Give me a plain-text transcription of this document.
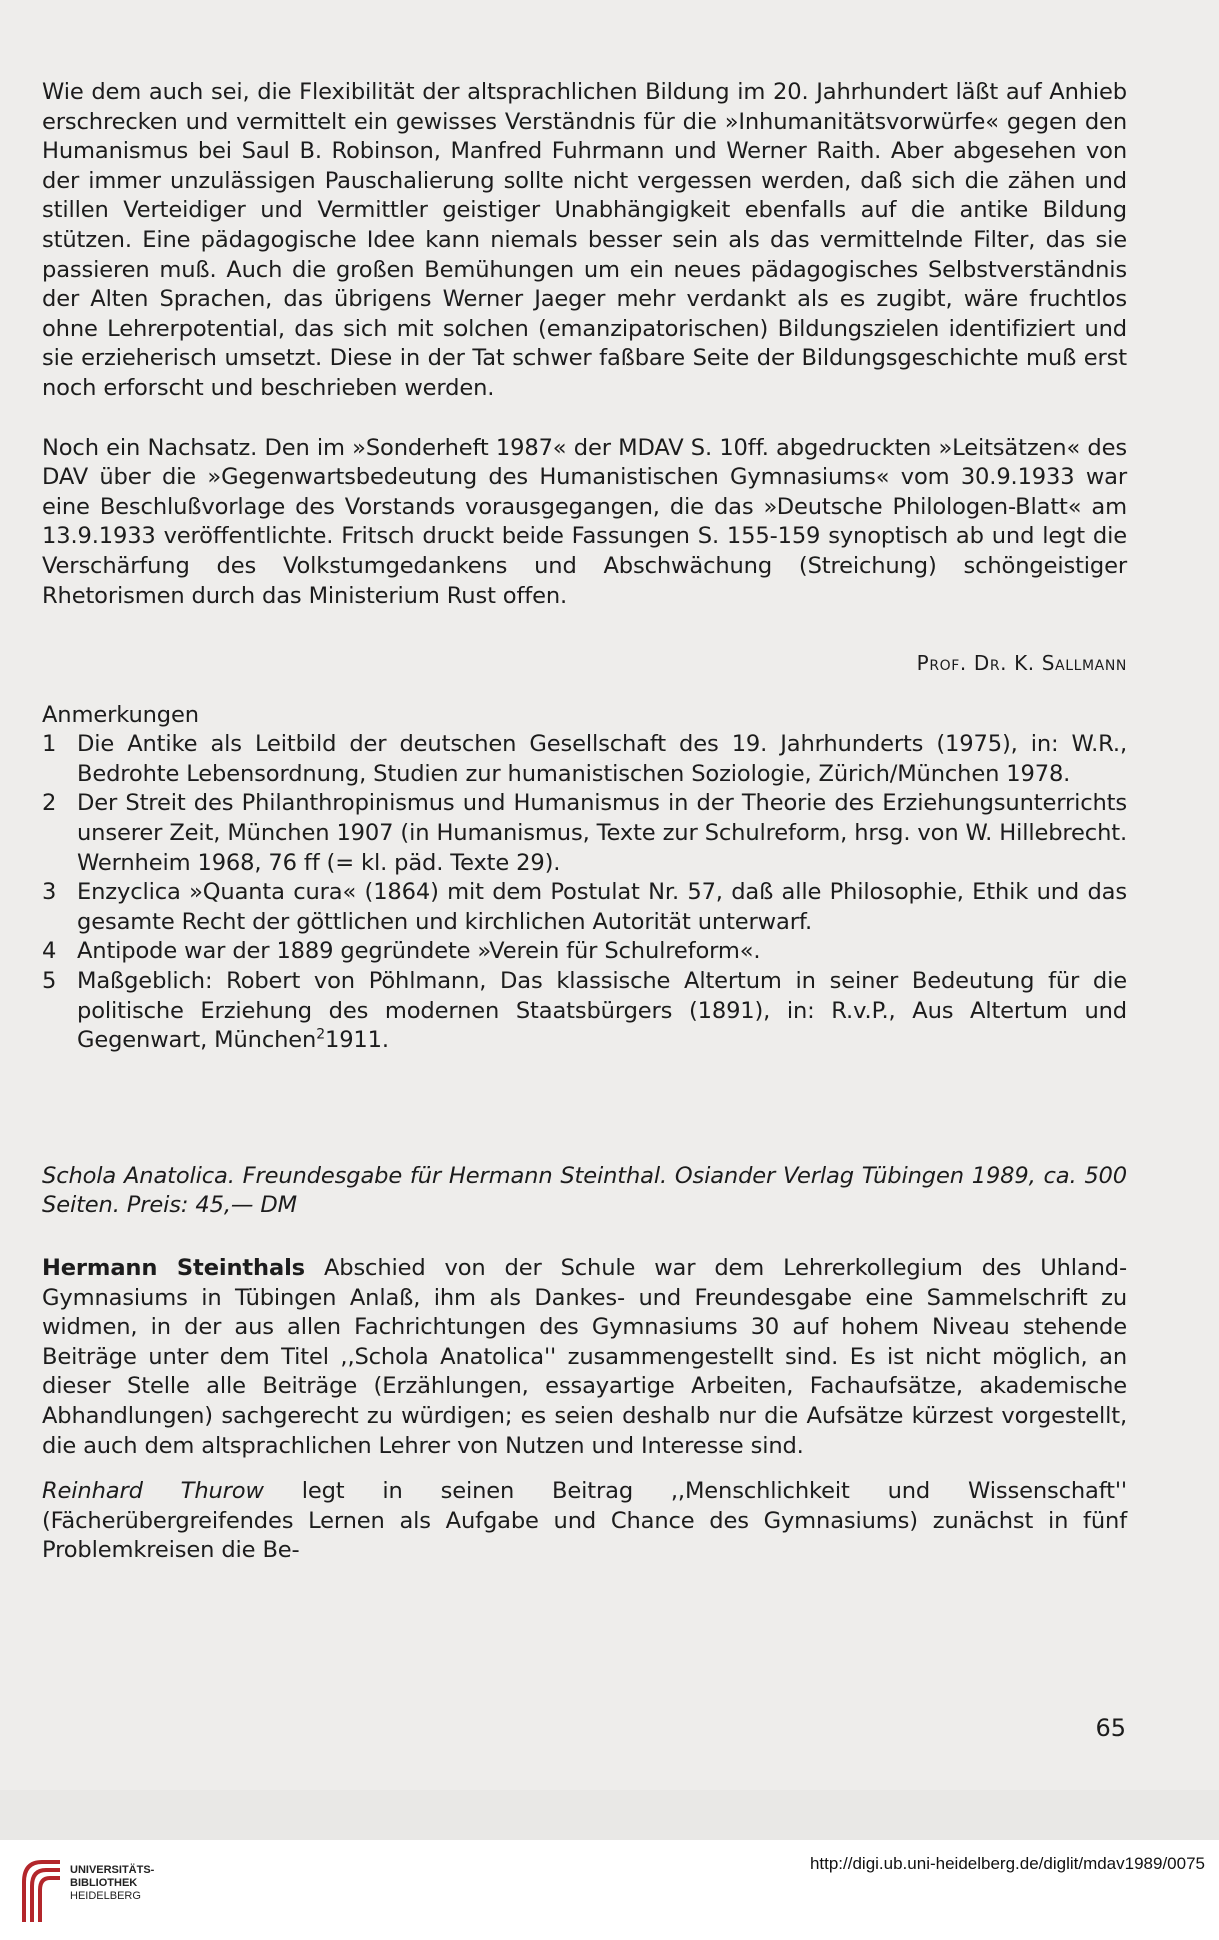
Wie dem auch sei, die Flexibilität der altsprachlichen Bildung im 20. Jahrhundert läßt auf Anhieb erschrecken und vermittelt ein gewisses Verständnis für die »Inhumanitätsvorwürfe« gegen den Humanismus bei Saul B. Robinson, Manfred Fuhrmann und Werner Raith. Aber abgesehen von der immer unzulässigen Pauschalierung sollte nicht vergessen werden, daß sich die zähen und stillen Verteidiger und Vermittler geistiger Unabhängigkeit ebenfalls auf die antike Bildung stützen. Eine pädagogische Idee kann niemals besser sein als das vermittelnde Filter, das sie passieren muß. Auch die großen Bemühungen um ein neues pädagogisches Selbstverständnis der Alten Sprachen, das übrigens Werner Jaeger mehr verdankt als es zugibt, wäre fruchtlos ohne Lehrerpotential, das sich mit solchen (emanzipatorischen) Bildungszielen identifiziert und sie erzieherisch umsetzt. Diese in der Tat schwer faßbare Seite der Bildungsgeschichte muß erst noch erforscht und beschrieben werden.

Noch ein Nachsatz. Den im »Sonderheft 1987« der MDAV S. 10ff. abgedruckten »Leitsätzen« des DAV über die »Gegenwartsbedeutung des Humanistischen Gymnasiums« vom 30.9.1933 war eine Beschlußvorlage des Vorstands vorausgegangen, die das »Deutsche Philologen-Blatt« am 13.9.1933 veröffentlichte. Fritsch druckt beide Fassungen S. 155-159 synoptisch ab und legt die Verschärfung des Volkstumgedankens und Abschwächung (Streichung) schöngeistiger Rhetorismen durch das Ministerium Rust offen.

Prof. Dr. K. Sallmann
Anmerkungen
1 Die Antike als Leitbild der deutschen Gesellschaft des 19. Jahrhunderts (1975), in: W.R., Bedrohte Lebensordnung, Studien zur humanistischen Soziologie, Zürich/München 1978.
2 Der Streit des Philanthropinismus und Humanismus in der Theorie des Erziehungsunterrichts unserer Zeit, München 1907 (in Humanismus, Texte zur Schulreform, hrsg. von W. Hillebrecht. Wernheim 1968, 76 ff (= kl. päd. Texte 29).
3 Enzyclica »Quanta cura« (1864) mit dem Postulat Nr. 57, daß alle Philosophie, Ethik und das gesamte Recht der göttlichen und kirchlichen Autorität unterwarf.
4 Antipode war der 1889 gegründete »Verein für Schulreform«.
5 Maßgeblich: Robert von Pöhlmann, Das klassische Altertum in seiner Bedeutung für die politische Erziehung des modernen Staatsbürgers (1891), in: R.v.P., Aus Altertum und Gegenwart, München$^2$1911.

Schola Anatolica. Freundesgabe für Hermann Steinthal. Osiander Verlag Tübingen 1989, ca. 500 Seiten. Preis: 45,— DM

Hermann Steinthals Abschied von der Schule war dem Lehrerkollegium des Uhland-Gymnasiums in Tübingen Anlaß, ihm als Dankes- und Freundesgabe eine Sammelschrift zu widmen, in der aus allen Fachrichtungen des Gymnasiums 30 auf hohem Niveau stehende Beiträge unter dem Titel ,,Schola Anatolica'' zusammengestellt sind. Es ist nicht möglich, an dieser Stelle alle Beiträge (Erzählungen, essayartige Arbeiten, Fachaufsätze, akademische Abhandlungen) sachgerecht zu würdigen; es seien deshalb nur die Aufsätze kürzest vorgestellt, die auch dem altsprachlichen Lehrer von Nutzen und Interesse sind.

Reinhard Thurow legt in seinen Beitrag ,,Menschlichkeit und Wissenschaft'' (Fächerübergreifendes Lernen als Aufgabe und Chance des Gymnasiums) zunächst in fünf Problemkreisen die Be-

65
UNIVERSITÄTS-
BIBLIOTHEK
HEIDELBERG
http://digi.ub.uni-heidelberg.de/diglit/mdav1989/0075
